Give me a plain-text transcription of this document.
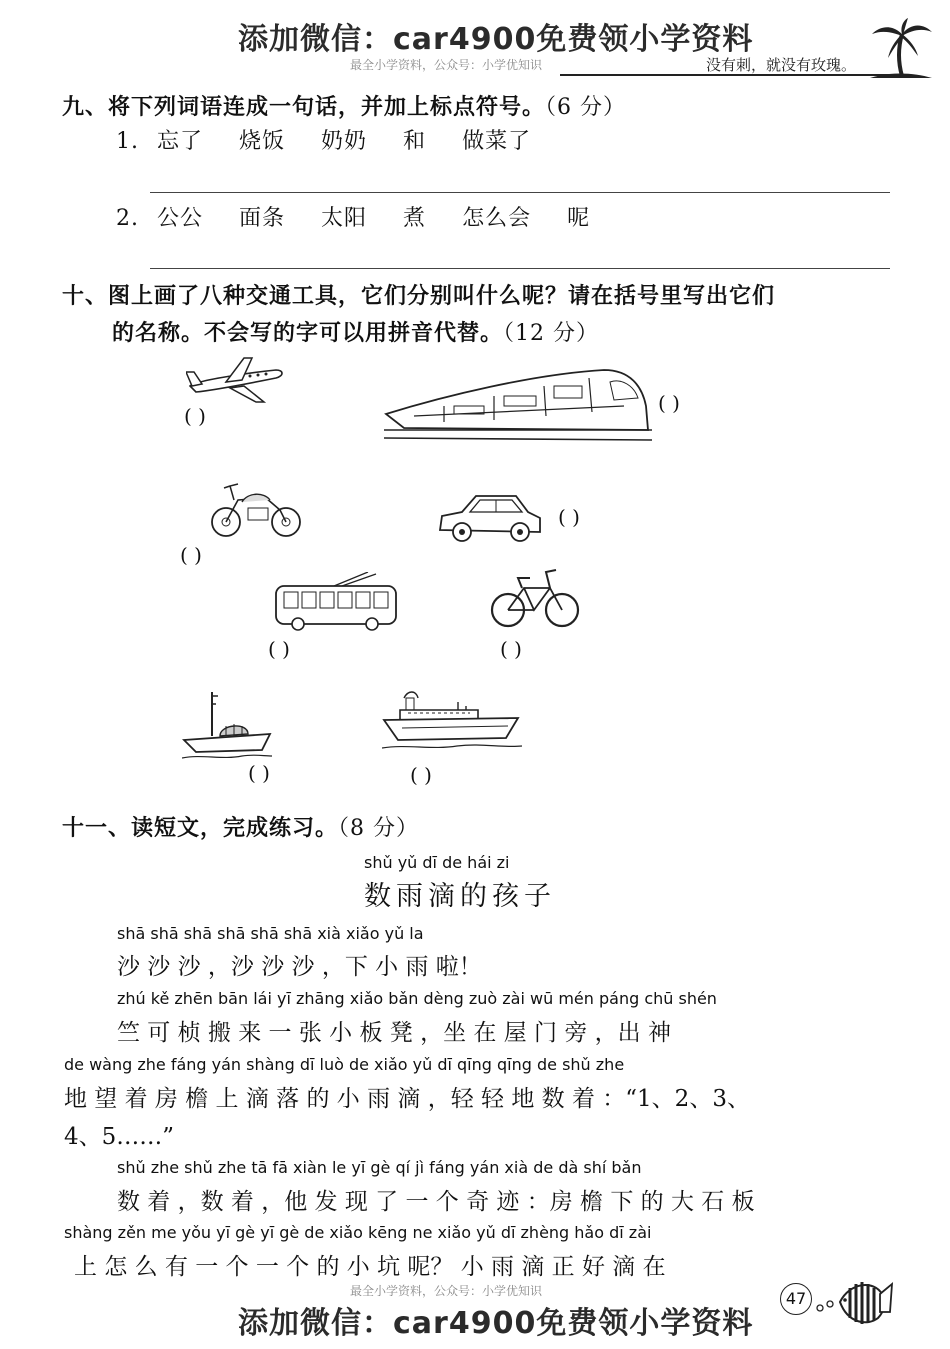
添加微信：car4900免费领小学资料
最全小学资料，公众号：小学优知识	没有刺，就没有玫瑰。
九、将下列词语连成一句话，并加上标点符号。（6 分）
1. 忘了 烧饭 奶奶 和 做菜了
2. 公公 面条 太阳 煮 怎么会 呢
十、图上画了八种交通工具，它们分别叫什么呢？请在括号里写出它们
的名称。不会写的字可以用拼音代替。（12 分）
( )
( )
( )
( )
( )	( )
( )	( )
十一、读短文，完成练习。（8 分）
shǔ yǔ dī de hái zi
数雨滴的孩子
shā shā shā shā shā shā xià xiǎo yǔ la
沙 沙 沙 ，沙 沙 沙 ，下 小 雨 啦！
zhú kě zhēn bān lái yī zhāng xiǎo bǎn dèng zuò zài wū mén páng chū shén
竺 可 桢 搬 来 一 张 小 板 凳 ，坐 在 屋 门 旁 ，出 神
de wàng zhe fáng yán shàng dī luò de xiǎo yǔ dī qīng qīng de shǔ zhe
地 望 着 房 檐 上 滴 落 的 小 雨 滴 ，轻 轻 地 数 着 ：“1、2、3、
4、5……”
shǔ zhe shǔ zhe tā fā xiàn le yī gè qí jì fáng yán xià de dà shí bǎn
数 着 ，数 着 ，他 发 现 了 一 个 奇 迹 ：房 檐 下 的 大 石 板
shàng zěn me yǒu yī gè yī gè de xiǎo kēng ne xiǎo yǔ dī zhèng hǎo dī zài
上 怎 么 有 一 个 一 个 的 小 坑 呢？ 小 雨 滴 正 好 滴 在
最全小学资料，公众号：小学优知识
添加微信：car4900免费领小学资料
47
